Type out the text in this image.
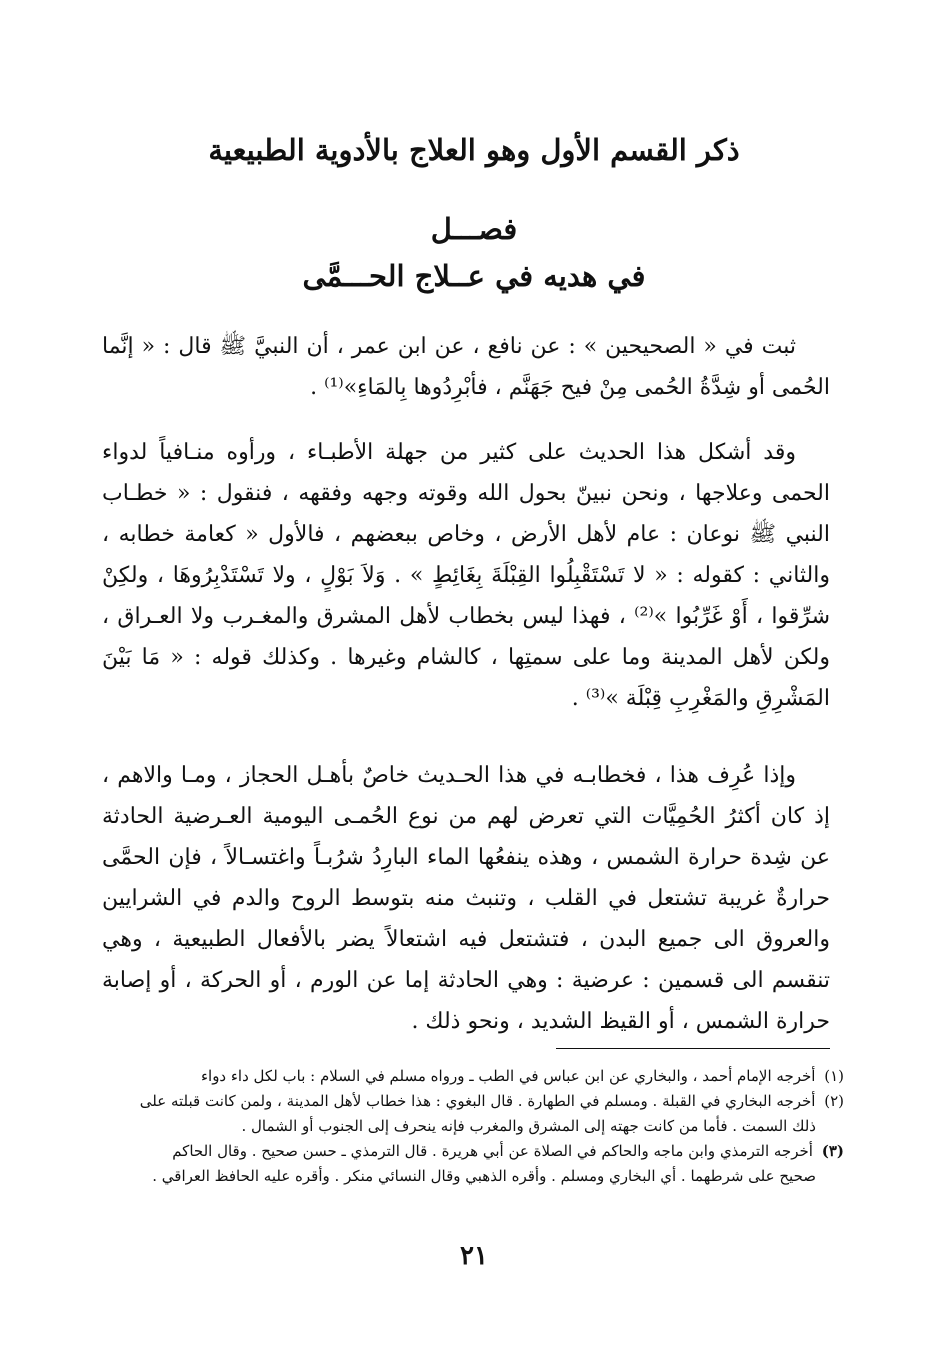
ذكر القسم الأول وهو العلاج بالأدوية الطبيعية
فصـــل
في هديه في عــلاج الحـــمَّى

ثبت في « الصحيحين » : عن نافع ، عن ابن عمر ، أن النبيَّ ﷺ قال : « إنَّما الحُمى أو شِدَّةُ الحُمى مِنْ فيح جَهَنَّم ، فأبْرِدُوها بِالمَاءِ»⁽¹⁾ .

وقد أشكل هذا الحديث على كثير من جهلة الأطبـاء ، ورأوه منـافياً لدواء الحمى وعلاجها ، ونحن نبينّ بحول الله وقوته وجهه وفقهه ، فنقول : « خطـاب النبي ﷺ نوعان : عام لأهل الأرض ، وخاص ببعضهم ، فالأول « كعامة خطابه ، والثاني : كقوله : « لا تَسْتَقْبِلُوا القِبْلَةَ بِغَائِطٍ » . وَلاَ بَوْلٍ ، ولا تَسْتَدْبِرُوهَا ، ولكِنْ شرِّقوا ، أَوْ غَرِّبُوا »⁽²⁾ ، فهذا ليس بخطاب لأهل المشرق والمغـرب ولا العـراق ، ولكن لأهل المدينة وما على سمتِها ، كالشام وغيرها . وكذلك قوله : « مَا بَيْنَ المَشْرِقِ والمَغْرِبِ قِبْلَة »⁽³⁾ .

وإذا عُرِف هذا ، فخطابـه في هذا الحـديث خاصٌ بأهـل الحجاز ، ومـا والاهم ، إذ كان أكثرُ الحُمِيَّات التي تعرض لهم من نوع الحُمـى اليومية العـرضية الحادثة عن شِدة حرارة الشمس ، وهذه ينفعُها الماء البارِدُ شرُبـاً واغتسـالاً ، فإن الحمَّى حرارةٌ غريبة تشتعل في القلب ، وتنبث منه بتوسط الروح والدم في الشرايين والعروق الى جميع البدن ، فتشتعل فيه اشتعالاً يضر بالأفعال الطبيعية ، وهي تنقسم الى قسمين : عرضية : وهي الحادثة إما عن الورم ، أو الحركة ، أو إصابة حرارة الشمس ، أو القيظ الشديد ، ونحو ذلك .

(١) أخرجه الإمام أحمد ، والبخاري عن ابن عباس في الطب ـ ورواه مسلم في السلام : باب لكل داء دواء

(٢) أخرجه البخاري في القبلة . ومسلم في الطهارة . قال البغوي : هذا خطاب لأهل المدينة ، ولمن كانت قبلته على

ذلك السمت . فأما من كانت جهته إلى المشرق والمغرب فإنه ينحرف إلى الجنوب أو الشمال .

(٣) أخرجه الترمذي وابن ماجه والحاكم في الصلاة عن أبي هريرة . قال الترمذي ـ حسن صحيح . وقال الحاكم

صحيح على شرطهما . أي البخاري ومسلم . وأقره الذهبي وقال النسائي منكر . وأقره عليه الحافظ العراقي .

٢١
